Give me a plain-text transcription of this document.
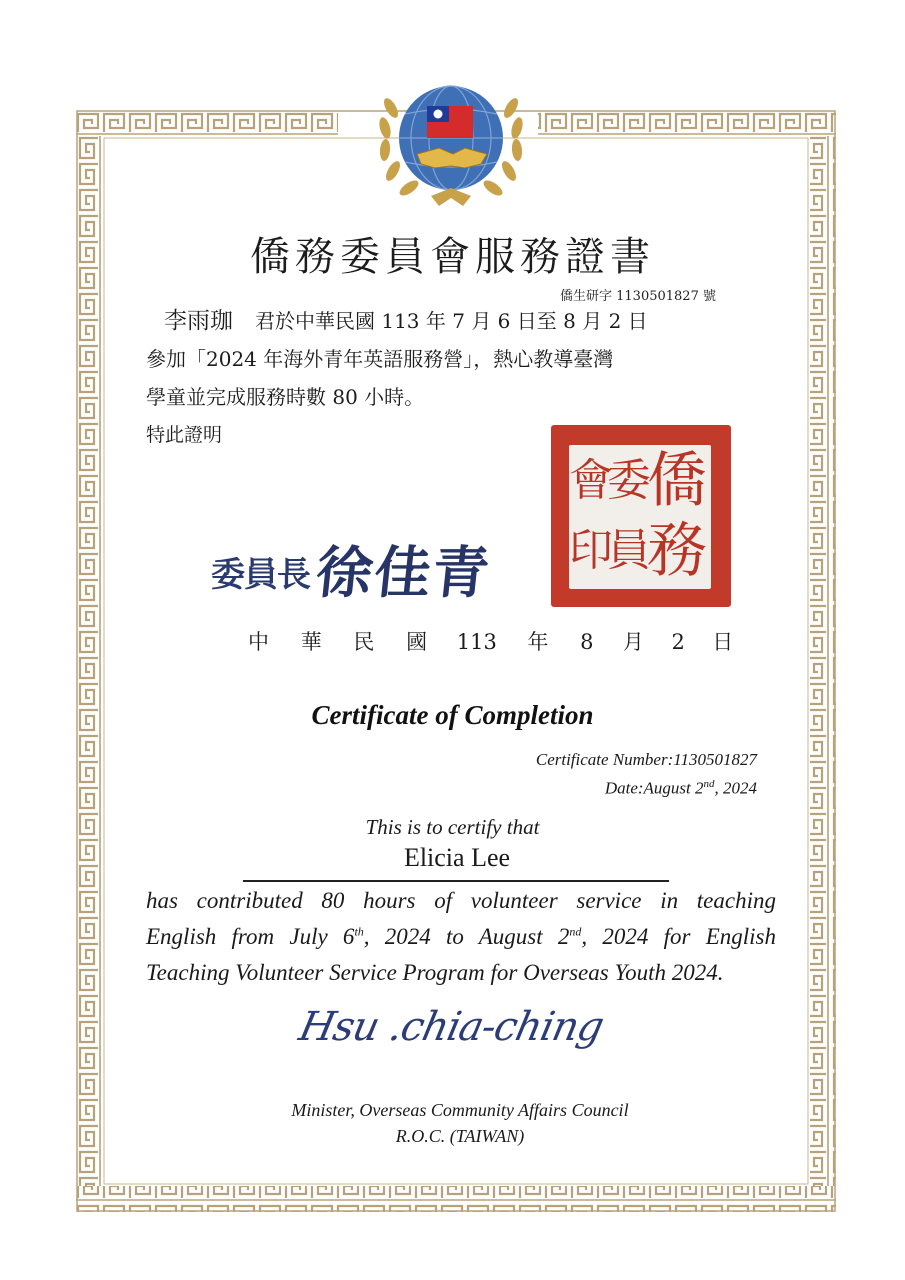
僑務委員會服務證書
僑生研字 1130501827 號
李雨珈 君於中華民國 113 年 7 月 6 日至 8 月 2 日
參加「2024 年海外青年英語服務營」，熱心教導臺灣
學童並完成服務時數 80 小時。
特此證明
僑
務
委
員
會
印
委員長 徐佳青
中 華 民 國 113 年 8 月 2 日
Certificate of Completion
Certificate Number:1130501827
Date:August 2nd, 2024
This is to certify that
Elicia Lee
has contributed 80 hours of volunteer service in teaching
English from July 6th, 2024 to August 2nd, 2024 for English
Teaching Volunteer Service Program for Overseas Youth 2024.
Hsu .chia-ching
Minister, Overseas Community Affairs Council
R.O.C. (TAIWAN)
